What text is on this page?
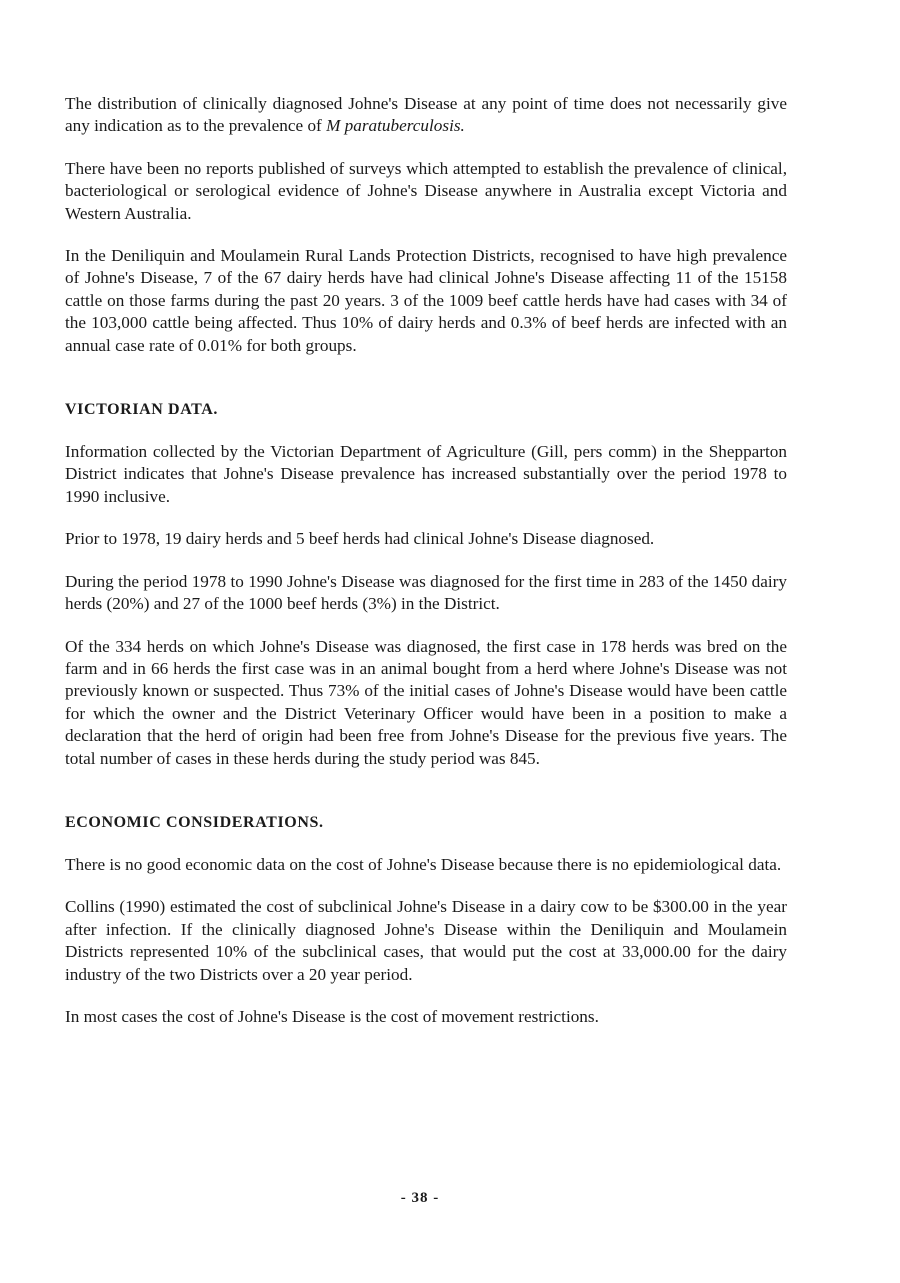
The distribution of clinically diagnosed Johne's Disease at any point of time does not necessarily give any indication as to the prevalence of M paratuberculosis.

There have been no reports published of surveys which attempted to establish the prevalence of clinical, bacteriological or serological evidence of Johne's Disease anywhere in Australia except Victoria and Western Australia.

In the Deniliquin and Moulamein Rural Lands Protection Districts, recognised to have high prevalence of Johne's Disease, 7 of the 67 dairy herds have had clinical Johne's Disease affecting 11 of the 15158 cattle on those farms during the past 20 years. 3 of the 1009 beef cattle herds have had cases with 34 of the 103,000 cattle being affected. Thus 10% of dairy herds and 0.3% of beef herds are infected with an annual case rate of 0.01% for both groups.

VICTORIAN DATA.

Information collected by the Victorian Department of Agriculture (Gill, pers comm) in the Shepparton District indicates that Johne's Disease prevalence has increased substantially over the period 1978 to 1990 inclusive.

Prior to 1978, 19 dairy herds and 5 beef herds had clinical Johne's Disease diagnosed.

During the period 1978 to 1990 Johne's Disease was diagnosed for the first time in 283 of the 1450 dairy herds (20%) and 27 of the 1000 beef herds (3%) in the District.

Of the 334 herds on which Johne's Disease was diagnosed, the first case in 178 herds was bred on the farm and in 66 herds the first case was in an animal bought from a herd where Johne's Disease was not previously known or suspected. Thus 73% of the initial cases of Johne's Disease would have been cattle for which the owner and the District Veterinary Officer would have been in a position to make a declaration that the herd of origin had been free from Johne's Disease for the previous five years. The total number of cases in these herds during the study period was 845.

ECONOMIC CONSIDERATIONS.

There is no good economic data on the cost of Johne's Disease because there is no epidemiological data.

Collins (1990) estimated the cost of subclinical Johne's Disease in a dairy cow to be $300.00 in the year after infection. If the clinically diagnosed Johne's Disease within the Deniliquin and Moulamein Districts represented 10% of the subclinical cases, that would put the cost at 33,000.00 for the dairy industry of the two Districts over a 20 year period.

In most cases the cost of Johne's Disease is the cost of movement restrictions.

- 38 -
